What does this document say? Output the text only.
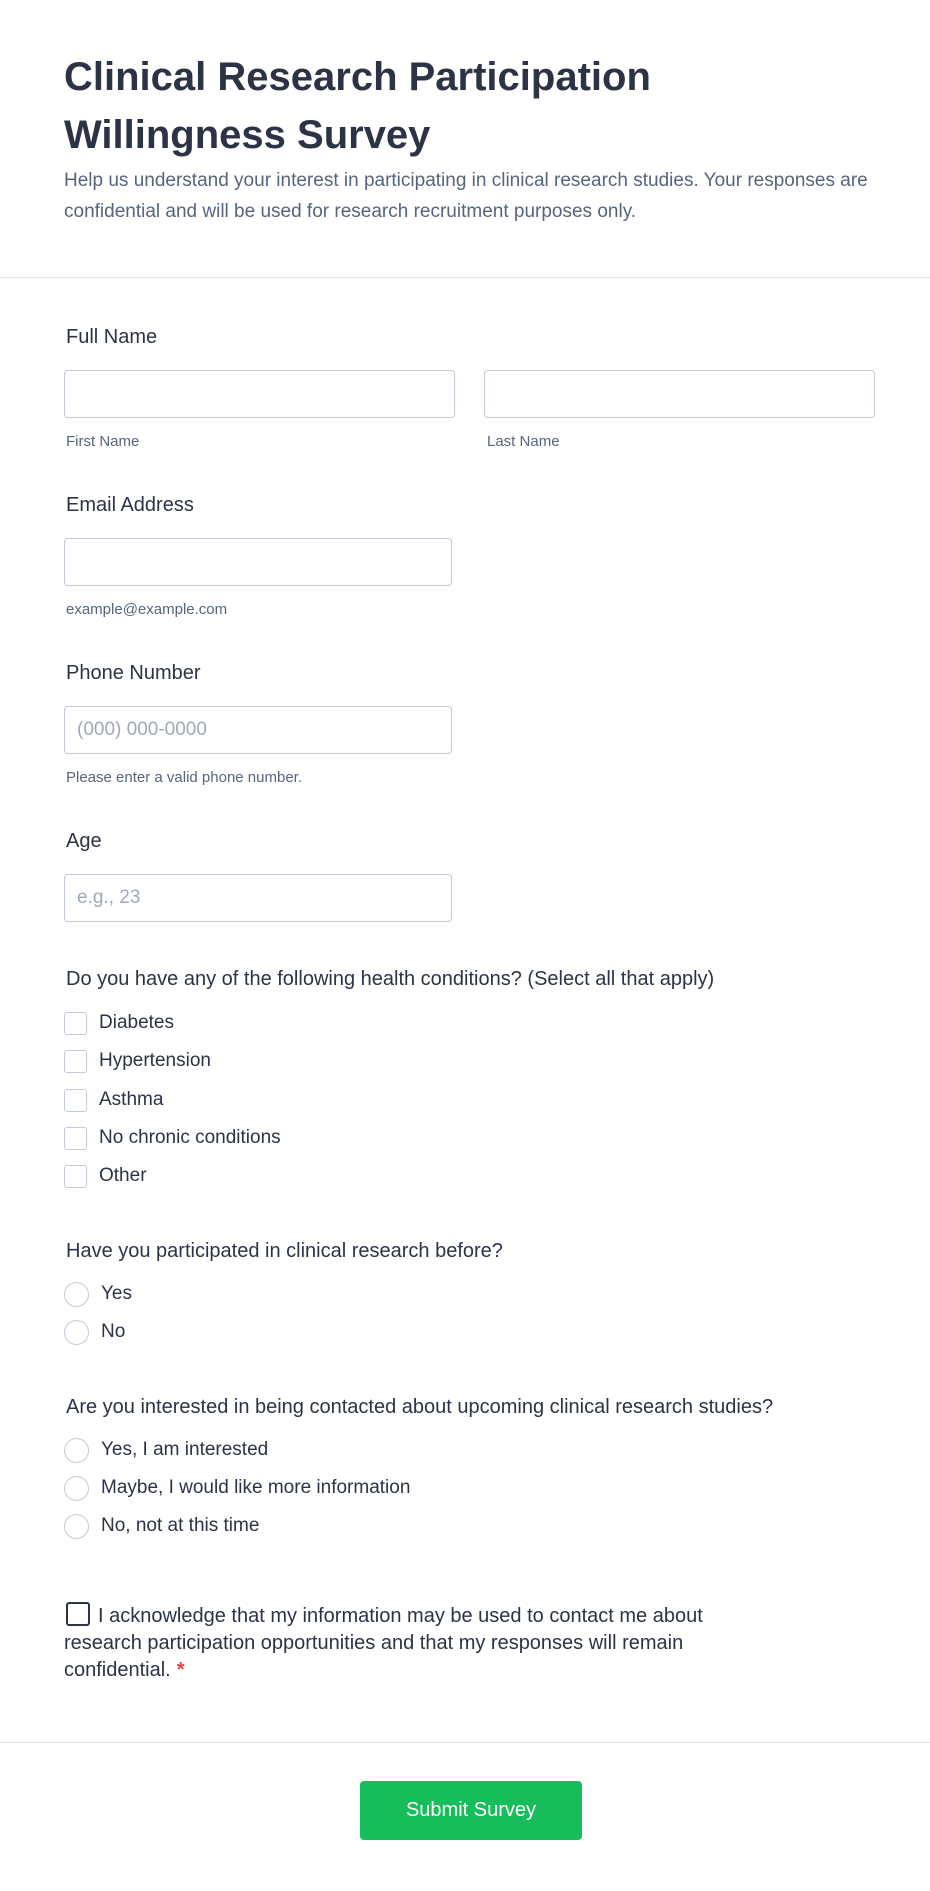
Clinical Research Participation Willingness Survey

Help us understand your interest in participating in clinical research studies. Your responses are confidential and will be used for research recruitment purposes only.

Full Name
First Name	Last Name
Email Address
example@example.com
Phone Number
(000) 000-0000
Please enter a valid phone number.
Age
e.g., 23
Do you have any of the following health conditions? (Select all that apply)
Diabetes
Hypertension
Asthma
No chronic conditions
Other
Have you participated in clinical research before?
Yes
No
Are you interested in being contacted about upcoming clinical research studies?
Yes, I am interested
Maybe, I would like more information
No, not at this time
I acknowledge that my information may be used to contact me about research participation opportunities and that my responses will remain confidential. *
Submit Survey
